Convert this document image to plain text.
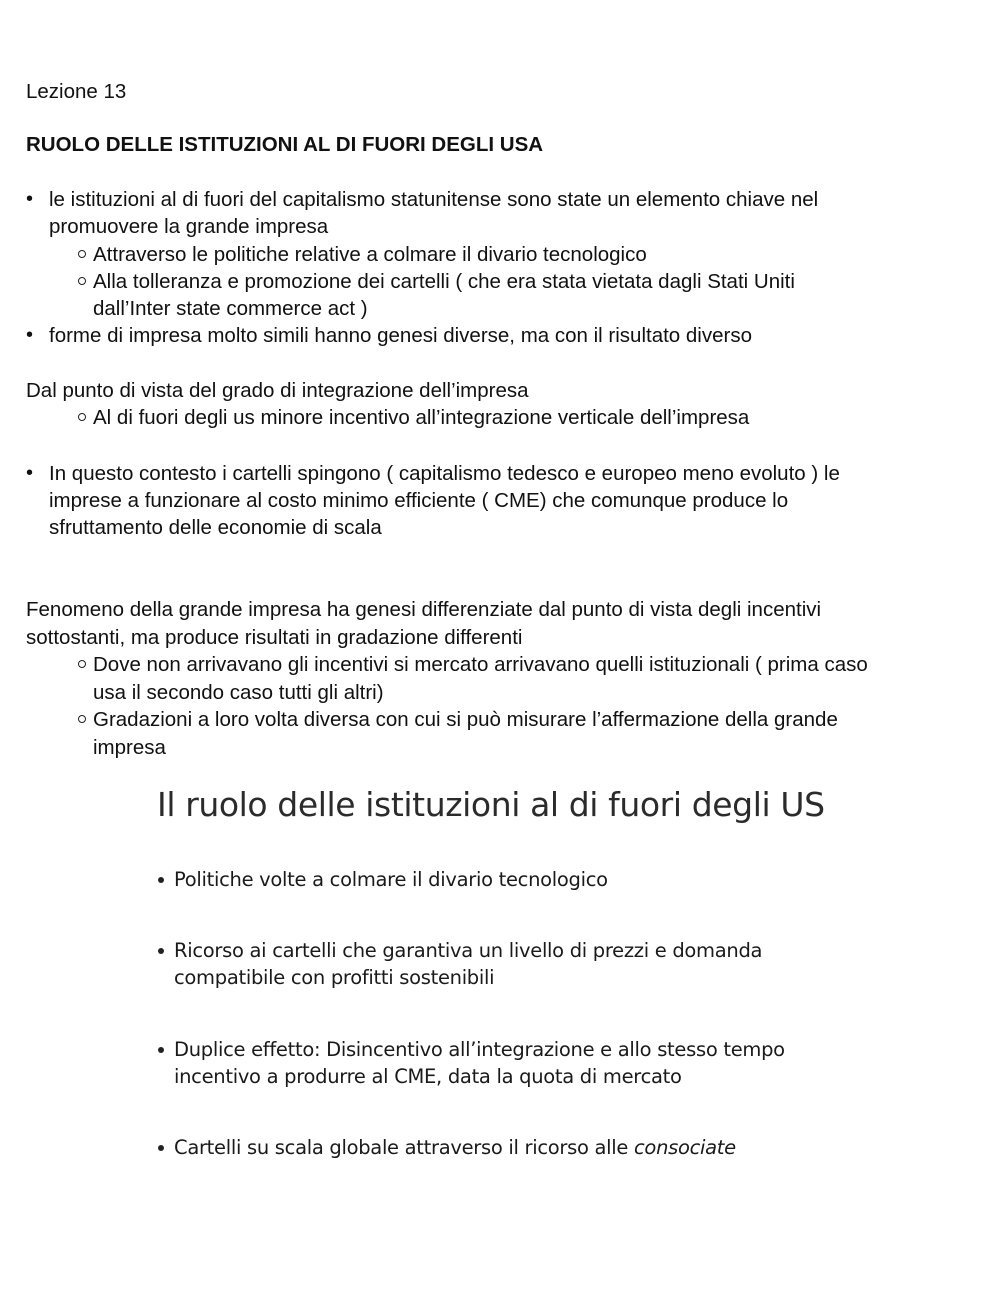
Lezione 13
RUOLO DELLE ISTITUZIONI AL DI FUORI DEGLI USA
• le istituzioni al di fuori del capitalismo statunitense sono state un elemento chiave nel
promuovere la grande impresa
Attraverso le politiche relative a colmare il divario tecnologico
Alla tolleranza e promozione dei cartelli ( che era stata vietata dagli Stati Uniti
dall’Inter state commerce act )
• forme di impresa molto simili hanno genesi diverse, ma con il risultato diverso
Dal punto di vista del grado di integrazione dell’impresa
Al di fuori degli us minore incentivo all’integrazione verticale dell’impresa
• In questo contesto i cartelli spingono ( capitalismo tedesco e europeo meno evoluto ) le
imprese a funzionare al costo minimo efficiente ( CME) che comunque produce lo
sfruttamento delle economie di scala
Fenomeno della grande impresa ha genesi differenziate dal punto di vista degli incentivi
sottostanti, ma produce risultati in gradazione differenti
Dove non arrivavano gli incentivi si mercato arrivavano quelli istituzionali ( prima caso
usa il secondo caso tutti gli altri)
Gradazioni a loro volta diversa con cui si può misurare l’affermazione della grande
impresa
Il ruolo delle istituzioni al di fuori degli US
Politiche volte a colmare il divario tecnologico
Ricorso ai cartelli che garantiva un livello di prezzi e domanda
compatibile con profitti sostenibili
Duplice effetto: Disincentivo all’integrazione e allo stesso tempo
incentivo a produrre al CME, data la quota di mercato
Cartelli su scala globale attraverso il ricorso alle consociate
